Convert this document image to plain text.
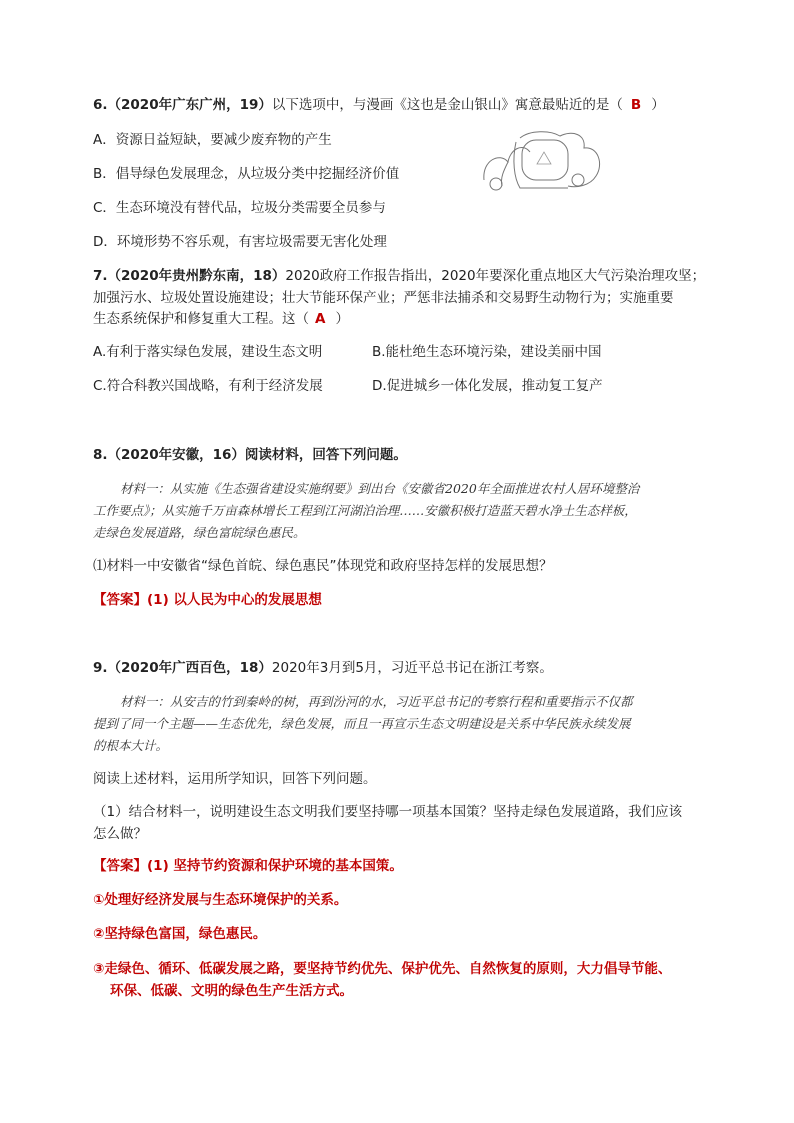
6.（2020年广东广州，19）以下选项中，与漫画《这也是金山银山》寓意最贴近的是（ B ）
A．资源日益短缺，要减少废弃物的产生
B．倡导绿色发展理念，从垃圾分类中挖掘经济价值
C．生态环境没有替代品，垃圾分类需要全员参与
D．环境形势不容乐观，有害垃圾需要无害化处理
7.（2020年贵州黔东南，18）2020政府工作报告指出，2020年要深化重点地区大气污染治理攻坚；
加强污水、垃圾处置设施建设；壮大节能环保产业；严惩非法捕杀和交易野生动物行为；实施重要
生态系统保护和修复重大工程。这（ A ）
A.有利于落实绿色发展，建设生态文明	B.能杜绝生态环境污染，建设美丽中国
C.符合科教兴国战略，有利于经济发展	D.促进城乡一体化发展，推动复工复产
8.（2020年安徽，16）阅读材料，回答下列问题。
材料一：从实施《生态强省建设实施纲要》到出台《安徽省2020年全面推进农村人居环境整治
工作要点》；从实施千万亩森林增长工程到江河湖泊治理……安徽积极打造蓝天碧水净土生态样板，
走绿色发展道路，绿色富皖绿色惠民。
⑴材料一中安徽省“绿色首皖、绿色惠民”体现党和政府坚持怎样的发展思想？
【答案】(1) 以人民为中心的发展思想
9.（2020年广西百色，18）2020年3月到5月，习近平总书记在浙江考察。
材料一：从安吉的竹到秦岭的树，再到汾河的水，习近平总书记的考察行程和重要指示不仅都
提到了同一个主题——生态优先，绿色发展，而且一再宣示生态文明建设是关系中华民族永续发展
的根本大计。
阅读上述材料，运用所学知识，回答下列问题。
（1）结合材料一，说明建设生态文明我们要坚持哪一项基本国策？坚持走绿色发展道路，我们应该
怎么做？
【答案】(1) 坚持节约资源和保护环境的基本国策。
①处理好经济发展与生态环境保护的关系。
②坚持绿色富国，绿色惠民。
③走绿色、循环、低碳发展之路，要坚持节约优先、保护优先、自然恢复的原则，大力倡导节能、
环保、低碳、文明的绿色生产生活方式。
